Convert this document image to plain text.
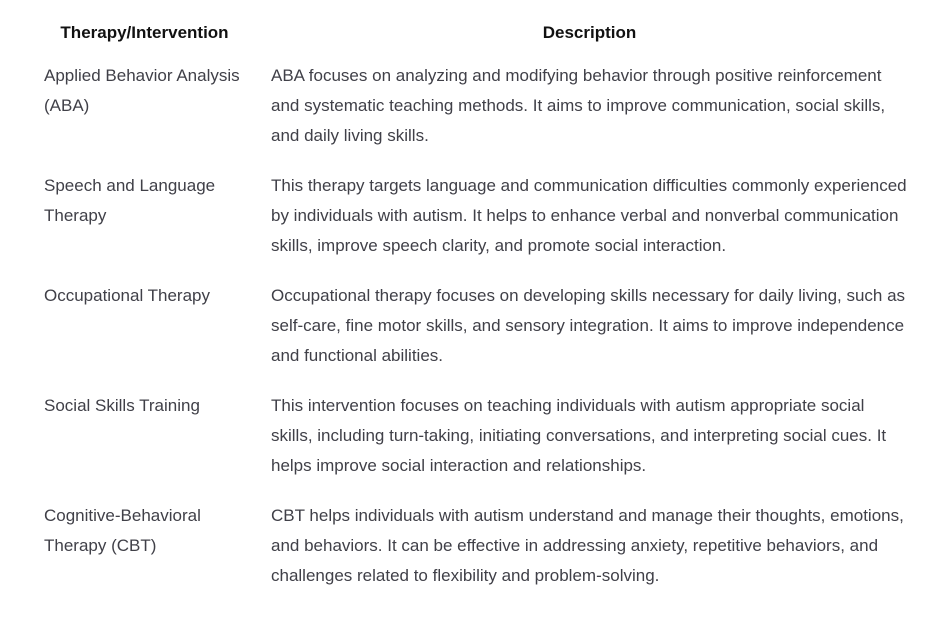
Therapy/Intervention	Description
Applied Behavior Analysis (ABA)	ABA focuses on analyzing and modifying behavior through positive reinforcement and systematic teaching methods. It aims to improve communication, social skills, and daily living skills.
Speech and Language Therapy	This therapy targets language and communication difficulties commonly experienced by individuals with autism. It helps to enhance verbal and nonverbal communication skills, improve speech clarity, and promote social interaction.
Occupational Therapy	Occupational therapy focuses on developing skills necessary for daily living, such as self-care, fine motor skills, and sensory integration. It aims to improve independence and functional abilities.
Social Skills Training	This intervention focuses on teaching individuals with autism appropriate social skills, including turn-taking, initiating conversations, and interpreting social cues. It helps improve social interaction and relationships.
Cognitive-Behavioral Therapy (CBT)	CBT helps individuals with autism understand and manage their thoughts, emotions, and behaviors. It can be effective in addressing anxiety, repetitive behaviors, and challenges related to flexibility and problem-solving.
